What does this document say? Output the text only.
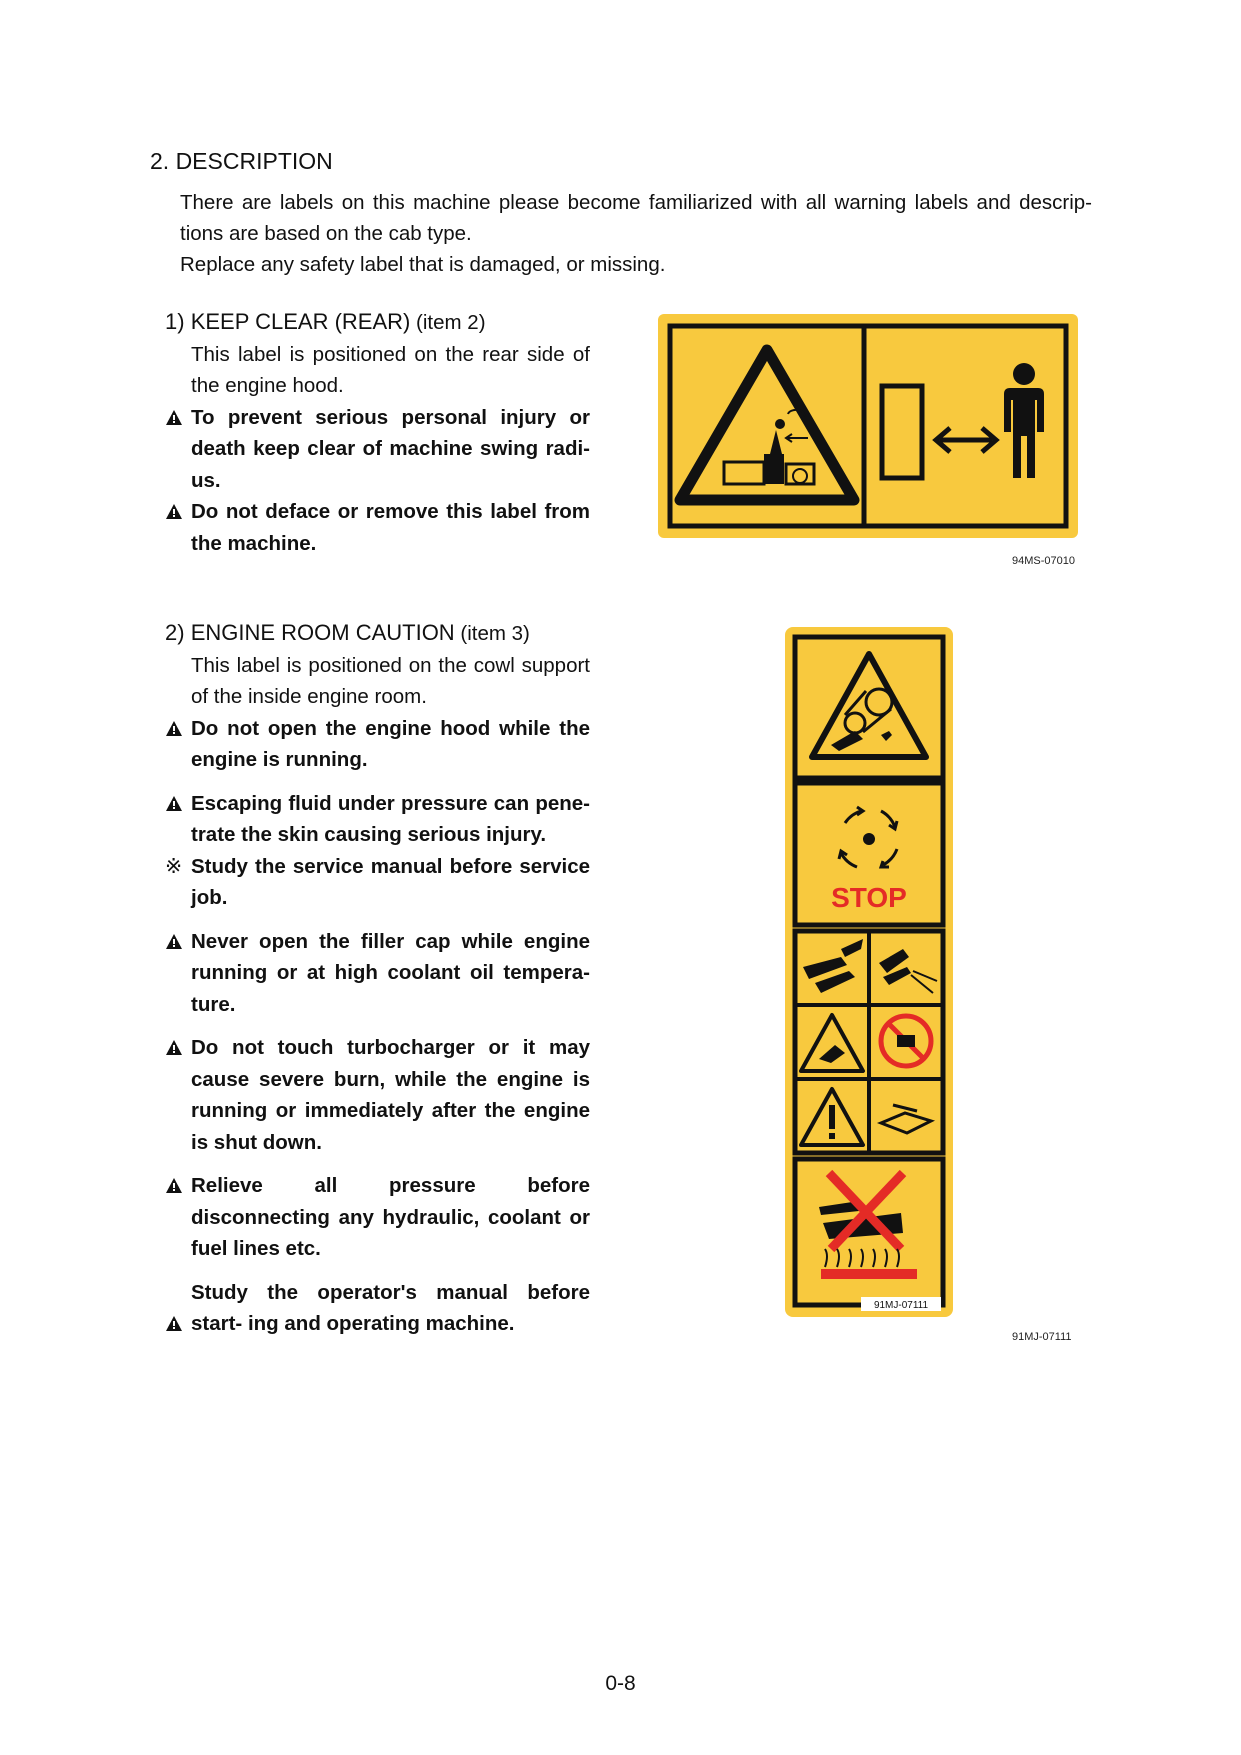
2. DESCRIPTION

There are labels on this machine please become familiarized with all warning labels and descrip- tions are based on the cab type.

Replace any safety label that is damaged, or missing.

1) KEEP CLEAR (REAR) (item 2)

This label is positioned on the rear side of the engine hood.

To prevent serious personal injury or death keep clear of machine swing radi- us.
Do not deface or remove this label from the machine.
94MS-07010
2) ENGINE ROOM CAUTION (item 3)

This label is positioned on the cowl support of the inside engine room.

Do not open the engine hood while the engine is running.
Escaping fluid under pressure can pene- trate the skin causing serious injury.
※ Study the service manual before service job.
Never open the filler cap while engine running or at high coolant oil tempera- ture.
Do not touch turbocharger or it may cause severe burn, while the engine is running or immediately after the engine is shut down.
Relieve all pressure before disconnecting any hydraulic, coolant or fuel lines etc.
Study the operator's manual before start- ing and operating machine.
STOP
91MJ-07111
91MJ-07111
0-8
